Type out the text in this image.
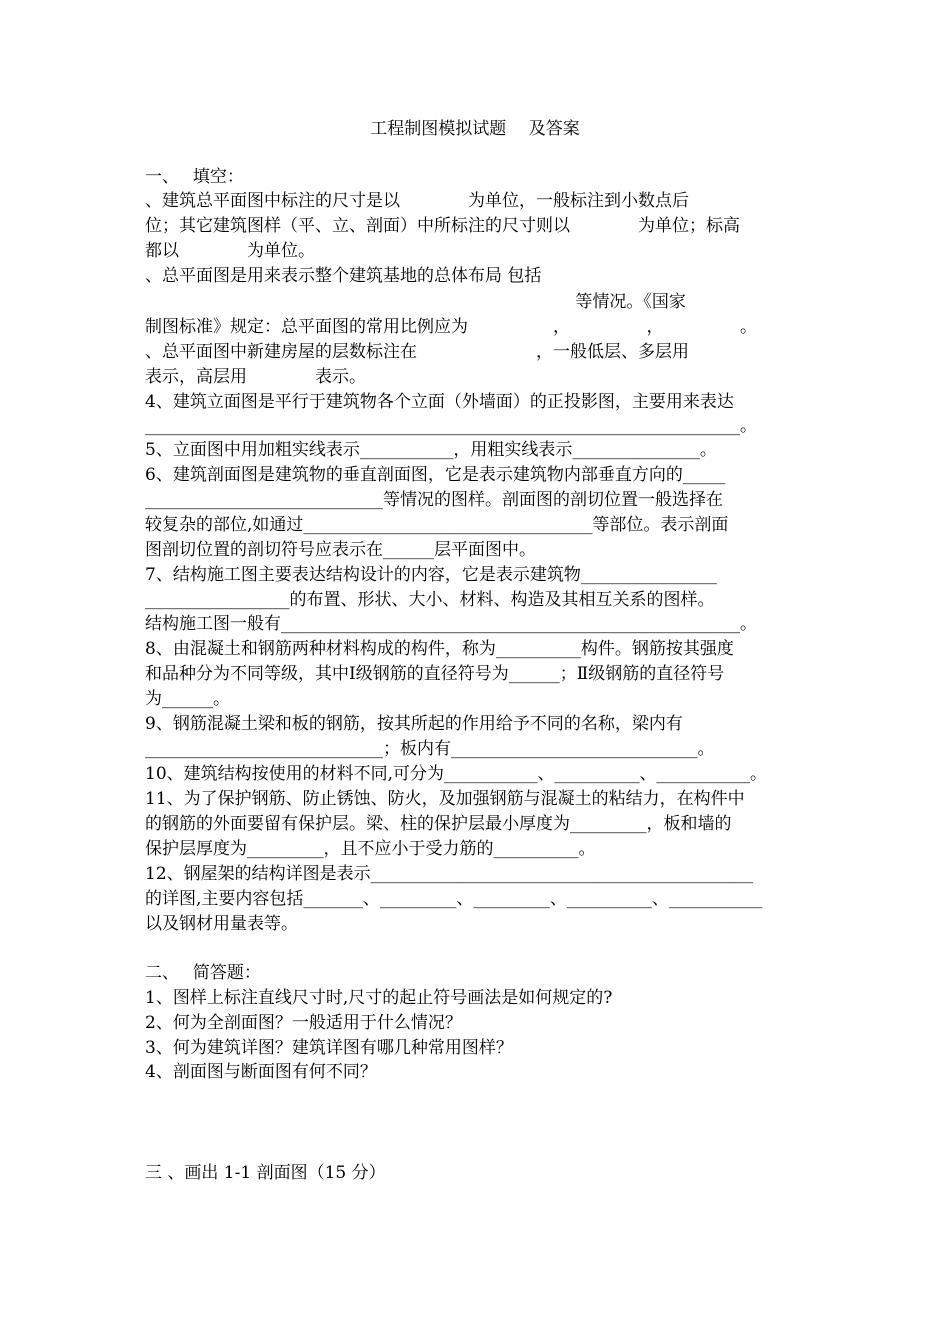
工程制图模拟试题　 及答案
一、　 填空：
、建筑总平面图中标注的尺寸是以　　　　为单位，一般标注到小数点后
位；其它建筑图样（平、立、剖面）中所标注的尺寸则以　　　　为单位；标高
都以　　　　为单位。
、总平面图是用来表示整个建筑基地的总体布局 包括
　　　　　　　　　　　　　　　　　　　　　　　　　 等情况。《国家
制图标准》规定：总平面图的常用比例应为　　　　　，　　　　　，　　　　　。
、总平面图中新建房屋的层数标注在　　　　　　　，一般低层、多层用
表示，高层用　　　　表示。
4、建筑立面图是平行于建筑物各个立面（外墙面）的正投影图，主要用来表达
______________________________________________________________________。
5、立面图中用加粗实线表示___________，用粗实线表示_______________。
6、建筑剖面图是建筑物的垂直剖面图，它是表示建筑物内部垂直方向的_____
____________________________等情况的图样。剖面图的剖切位置一般选择在
较复杂的部位,如通过__________________________________等部位。表示剖面
图剖切位置的剖切符号应表示在______层平面图中。
7、结构施工图主要表达结构设计的内容，它是表示建筑物________________
_________________的布置、形状、大小、材料、构造及其相互关系的图样。
结构施工图一般有______________________________________________________。
8、由混凝土和钢筋两种材料构成的构件，称为__________构件。钢筋按其强度
和品种分为不同等级，其中Ⅰ级钢筋的直径符号为______；Ⅱ级钢筋的直径符号
为______。
9、钢筋混凝土梁和板的钢筋，按其所起的作用给予不同的名称，梁内有
____________________________；板内有_____________________________。
10、建筑结构按使用的材料不同,可分为___________、__________、___________。
11、为了保护钢筋、防止锈蚀、防火，及加强钢筋与混凝土的粘结力，在构件中
的钢筋的外面要留有保护层。梁、柱的保护层最小厚度为_________，板和墙的
保护层厚度为_________，且不应小于受力筋的__________。
12、钢屋架的结构详图是表示_____________________________________________
的详图,主要内容包括_______、_________、_________、__________、___________
以及钢材用量表等。
二、　 简答题：
1、图样上标注直线尺寸时,尺寸的起止符号画法是如何规定的?
2、何为全剖面图？一般适用于什么情况？
3、何为建筑详图？建筑详图有哪几种常用图样？
4、剖面图与断面图有何不同？
三 、画出 1-1 剖面图（15 分）
